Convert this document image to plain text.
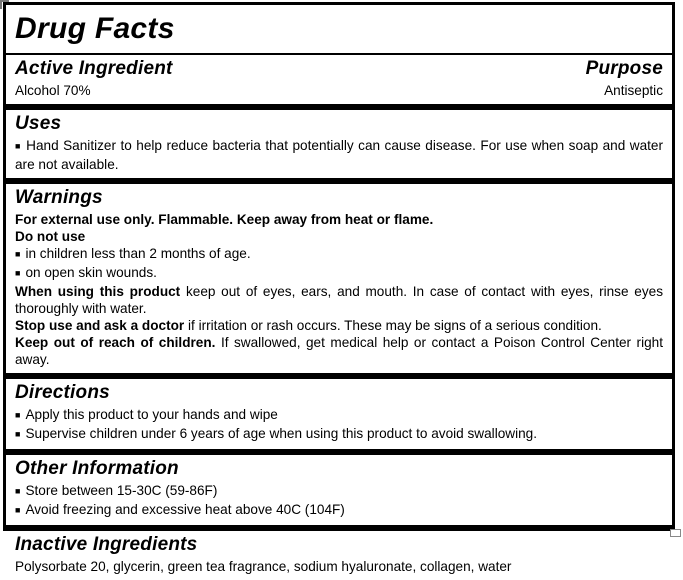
Drug Facts
Active Ingredient	Purpose
Alcohol 70%	Antiseptic
Uses

■ Hand Sanitizer to help reduce bacteria that potentially can cause disease. For use when soap and water are not available.

Warnings

For external use only. Flammable. Keep away from heat or flame.

Do not use

■ in children less than 2 months of age.

■ on open skin wounds.

When using this product keep out of eyes, ears, and mouth. In case of contact with eyes, rinse eyes thoroughly with water.

Stop use and ask a doctor if irritation or rash occurs. These may be signs of a serious condition.

Keep out of reach of children. If swallowed, get medical help or contact a Poison Control Center right away.

Directions

■ Apply this product to your hands and wipe

■ Supervise children under 6 years of age when using this product to avoid swallowing.

Other Information

■ Store between 15-30C (59-86F)

■ Avoid freezing and excessive heat above 40C (104F)

Inactive Ingredients

Polysorbate 20, glycerin, green tea fragrance, sodium hyaluronate, collagen, water
